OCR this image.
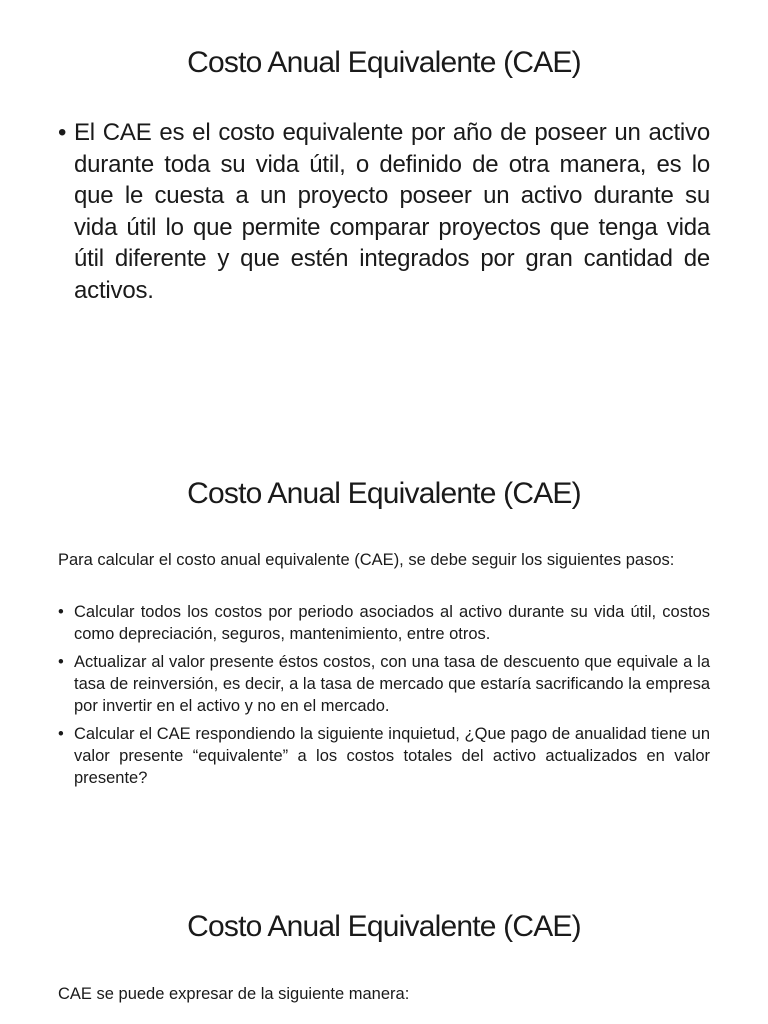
Costo Anual Equivalente (CAE)
• El CAE es el costo equivalente por año de poseer un activo durante toda su vida útil, o definido de otra manera, es lo que le cuesta a un proyecto poseer un activo durante su vida útil lo que permite comparar proyectos que tenga vida útil diferente y que estén integrados por gran cantidad de activos.
Costo Anual Equivalente (CAE)

Para calcular el costo anual equivalente (CAE), se debe seguir los siguientes pasos:

• Calcular todos los costos por periodo asociados al activo durante su vida útil, costos como depreciación, seguros, mantenimiento, entre otros.
• Actualizar al valor presente éstos costos, con una tasa de descuento que equivale a la tasa de reinversión, es decir, a la tasa de mercado que estaría sacrificando la empresa por invertir en el activo y no en el mercado.
• Calcular el CAE respondiendo la siguiente inquietud, ¿Que pago de anualidad tiene un valor presente “equivalente” a los costos totales del activo actualizados en valor presente?
Costo Anual Equivalente (CAE)

CAE se puede expresar de la siguiente manera:
